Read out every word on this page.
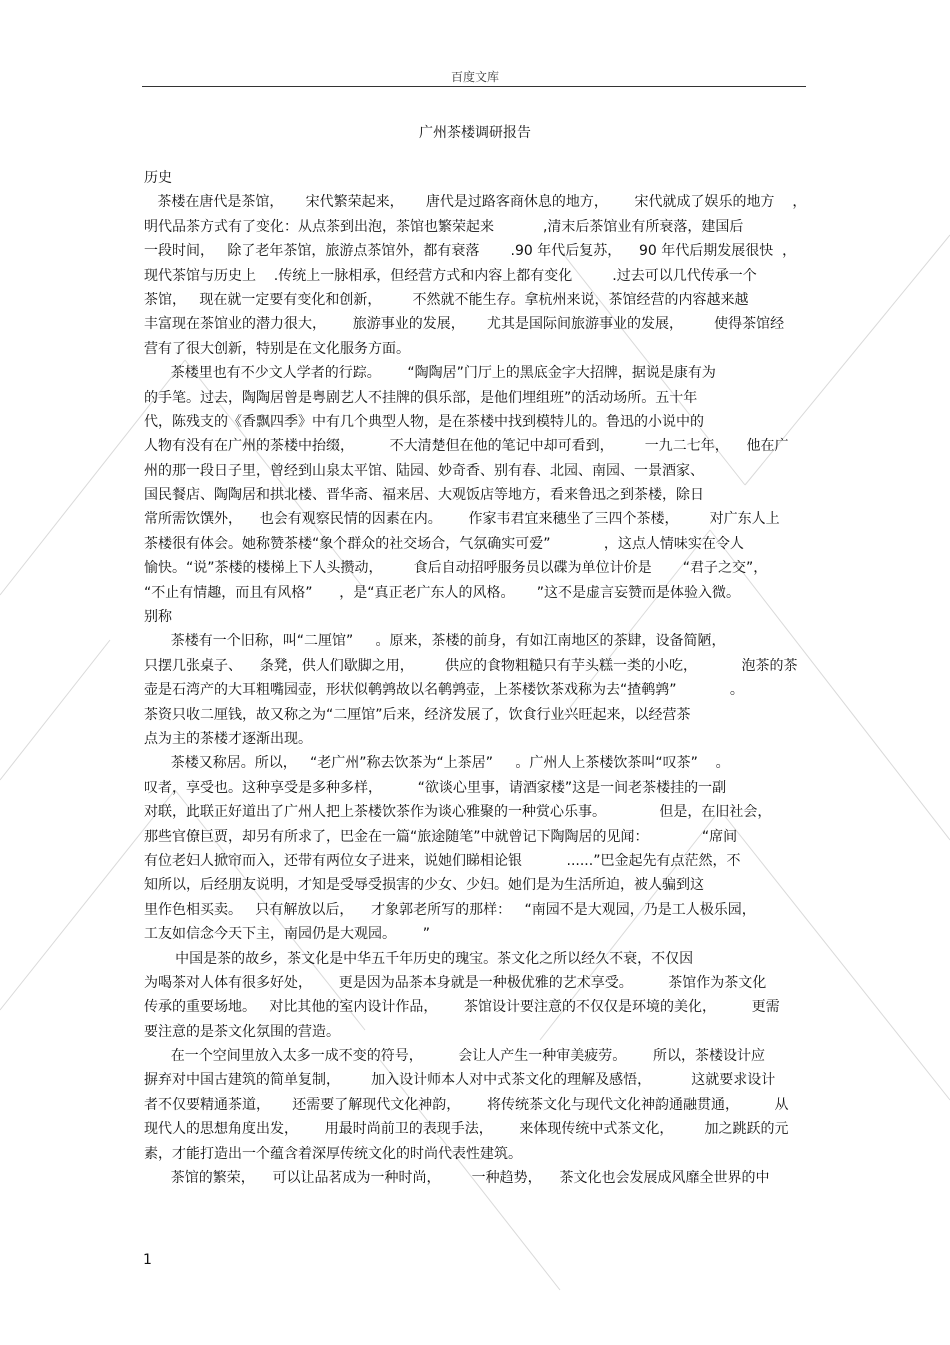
百度文库
广州茶楼调研报告
历史
茶楼在唐代是茶馆，     宋代繁荣起来，     唐代是过路客商休息的地方，      宋代就成了娱乐的地方    ，
明代品茶方式有了变化：从点茶到出泡，茶馆也繁荣起来           ,清末后茶馆业有所衰落，建国后
一段时间，   除了老年茶馆，旅游点茶馆外，都有衰落       .90 年代后复苏，    90 年代后期发展很快  ，
现代茶馆与历史上    .传统上一脉相承，但经营方式和内容上都有变化         .过去可以几代传承一个
茶馆，   现在就一定要有变化和创新，       不然就不能生存。拿杭州来说，茶馆经营的内容越来越
丰富现在茶馆业的潜力很大，      旅游事业的发展，     尤其是国际间旅游事业的发展，       使得茶馆经
营有了很大创新，特别是在文化服务方面。
茶楼里也有不少文人学者的行踪。      “陶陶居”门厅上的黑底金字大招牌，据说是康有为
的手笔。过去，陶陶居曾是粤剧艺人不挂牌的俱乐部，是他们埋组班”的活动场所。五十年
代，陈残支的《香飘四季》中有几个典型人物，是在茶楼中找到模特儿的。鲁迅的小说中的
人物有没有在广州的茶楼中抬缀，        不大清楚但在他的笔记中却可看到，       一九二七年，    他在广
州的那一段日子里，曾经到山泉太平馆、陆园、妙奇香、别有春、北园、南园、一景酒家、
国民餐店、陶陶居和拱北楼、晋华斋、福来居、大观饭店等地方，看来鲁迅之到茶楼，除日
常所需饮馔外，    也会有观察民情的因素在内。      作家韦君宜来穗坐了三四个茶楼，       对广东人上
茶楼很有体会。她称赞茶楼“象个群众的社交场合，气氛确实可爱”            ，这点人情味实在令人
愉快。“说”茶楼的楼梯上下人头攒动，       食后自动招呼服务员以碟为单位计价是       “君子之交”，
“不止有情趣，而且有风格”      ，是“真正老广东人的风格。     ”这不是虚言妄赞而是体验入微。
别称
茶楼有一个旧称，叫“二厘馆”     。原来，茶楼的前身，有如江南地区的茶肆，设备简陋，
只摆几张桌子、    条凳，供人们歇脚之用，       供应的食物粗糙只有芋头糕一类的小吃，          泡茶的茶
壶是石湾产的大耳粗嘴园壶，形状似鹌鹑故以名鹌鹑壶，上茶楼饮茶戏称为去“揸鹌鹑”            。
茶资只收二厘钱，故又称之为“二厘馆”后来，经济发展了，饮食行业兴旺起来，以经营茶
点为主的茶楼才逐渐出现。
茶楼又称居。所以，   “老广州”称去饮茶为“上茶居”     。广州人上茶楼饮茶叫“叹茶”    。
叹者，享受也。这种享受是多种多样，        “欲谈心里事，请酒家楼”这是一间老茶楼挂的一副
对联，此联正好道出了广州人把上茶楼饮茶作为谈心雅聚的一种赏心乐事。            但是，在旧社会，
那些官僚巨贾，却另有所求了，巴金在一篇“旅途随笔”中就曾记下陶陶居的见闻：            “席间
有位老妇人掀帘而入，还带有两位女子进来，说她们睇相论银          ......”巴金起先有点茫然，不
知所以，后经朋友说明，才知是受辱受损害的少女、少妇。她们是为生活所迫，被人骗到这
里作色相买卖。   只有解放以后，    才象郭老所写的那样：   “南园不是大观园，乃是工人极乐园，
工友如信念今天下主，南园仍是大观园。      ”
中国是茶的故乡，茶文化是中华五千年历史的瑰宝。茶文化之所以经久不衰，不仅因
为喝茶对人体有很多好处，      更是因为品茶本身就是一种极优雅的艺术享受。        茶馆作为茶文化
传承的重要场地。   对比其他的室内设计作品，      茶馆设计要注意的不仅仅是环境的美化，        更需
要注意的是茶文化氛围的营造。
在一个空间里放入太多一成不变的符号，        会让人产生一种审美疲劳。      所以，茶楼设计应
摒弃对中国古建筑的简单复制，       加入设计师本人对中式茶文化的理解及感悟，         这就要求设计
者不仅要精通茶道，     还需要了解现代文化神韵，      将传统茶文化与现代文化神韵通融贯通，        从
现代人的思想角度出发，      用最时尚前卫的表现手法，      来体现传统中式茶文化，       加之跳跃的元
素，才能打造出一个蕴含着深厚传统文化的时尚代表性建筑。
茶馆的繁荣，    可以让品茗成为一种时尚，       一种趋势，    茶文化也会发展成风靡全世界的中
1
